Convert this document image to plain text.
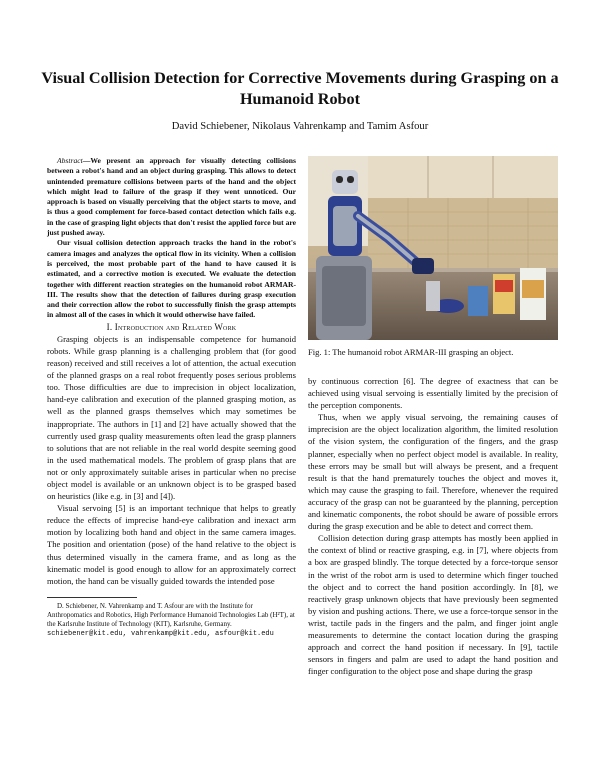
Visual Collision Detection for Corrective Movements during Grasping on a Humanoid Robot
David Schiebener, Nikolaus Vahrenkamp and Tamim Asfour

Abstract—We present an approach for visually detecting collisions between a robot's hand and an object during grasping. This allows to detect unintended premature collisions between parts of the hand and the object which might lead to failure of the grasp if they went unnoticed. Our approach is based on visually perceiving that the object starts to move, and is thus a good complement for force-based contact detection which fails e.g. in the case of grasping light objects that don't resist the applied force but are just pushed away.

Our visual collision detection approach tracks the hand in the robot's camera images and analyzes the optical flow in its vicinity. When a collision is perceived, the most probable part of the hand to have caused it is estimated, and a corrective motion is executed. We evaluate the detection together with different reaction strategies on the humanoid robot ARMAR-III. The results show that the detection of failures during grasp execution and their correction allow the robot to successfully finish the grasp attempts in almost all of the cases in which it would otherwise have failed.

I. Introduction and Related Work

Grasping objects is an indispensable competence for humanoid robots. While grasp planning is a challenging problem that (for good reason) received and still receives a lot of attention, the actual execution of the planned grasps on a real robot frequently poses serious problems too. Those difficulties are due to imprecision in object localization, hand-eye calibration and execution of the planned grasping motion, as well as the planned grasps themselves which may sometimes be inappropriate. The authors in [1] and [2] have actually showed that the currently used grasp quality measurements often lead the grasp planners to solutions that are not reliable in the real world despite seeming good in the used mathematical models. The problem of grasp plans that are not or only approximately suitable arises in particular when no precise object model is available or an unknown object is to be grasped based on heuristics (like e.g. in [3] and [4]).

Visual servoing [5] is an important technique that helps to greatly reduce the effects of imprecise hand-eye calibration and inexact arm motion by localizing both hand and object in the same camera images. The position and orientation (pose) of the hand relative to the object is thus determined visually in the camera frame, and as long as the kinematic model is good enough to allow for an approximately correct motion, the hand can be visually guided towards the intended pose

D. Schiebener, N. Vahrenkamp and T. Asfour are with the Institute for Anthropomatics and Robotics, High Performance Humanoid Technologies Lab (H²T), at the Karlsruhe Institute of Technology (KIT), Karlsruhe, Germany. schiebener@kit.edu, vahrenkamp@kit.edu, asfour@kit.edu

Fig. 1: The humanoid robot ARMAR-III grasping an object.

by continuous correction [6]. The degree of exactness that can be achieved using visual servoing is essentially limited by the precision of the perception components.

Thus, when we apply visual servoing, the remaining causes of imprecision are the object localization algorithm, the limited resolution of the vision system, the configuration of the fingers, and the grasp planner, especially when no perfect object model is available. In reality, these errors may be small but will always be present, and a frequent result is that the hand prematurely touches the object and moves it, which may cause the grasping to fail. Therefore, whenever the required accuracy of the grasp can not be guaranteed by the planning, perception and kinematic components, the robot should be aware of possible errors during the grasp execution and be able to detect and correct them.

Collision detection during grasp attempts has mostly been applied in the context of blind or reactive grasping, e.g. in [7], where objects from a box are grasped blindly. The torque detected by a force-torque sensor in the wrist of the robot arm is used to determine which finger touched the object and to correct the hand position accordingly. In [8], we reactively grasp unknown objects that have previously been segmented by vision and pushing actions. There, we use a force-torque sensor in the wrist, tactile pads in the fingers and the palm, and finger joint angle measurements to determine the contact location during the grasping approach and correct the hand position if necessary. In [9], tactile sensors in fingers and palm are used to adapt the hand position and finger configuration to the object pose and shape during the grasp
